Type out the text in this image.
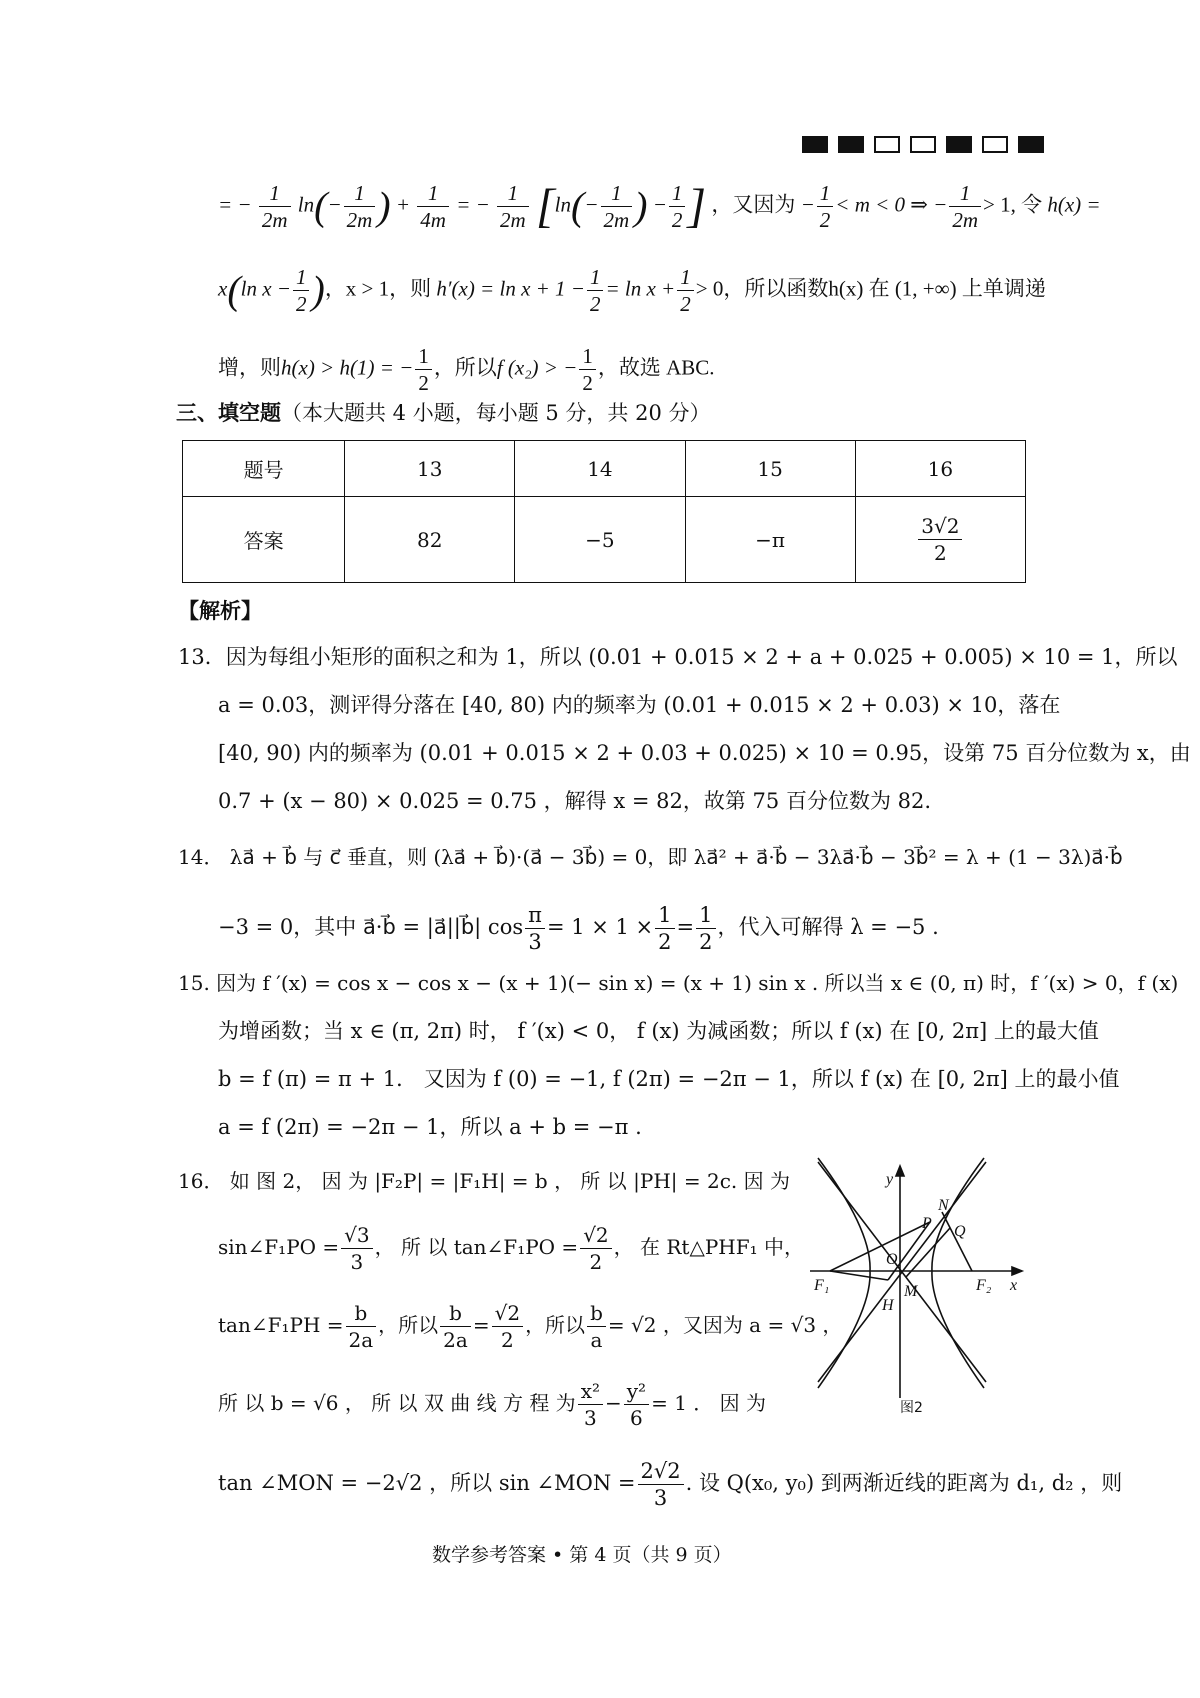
= − $\frac{1}{2m} \ln(- \frac{1}{2m}$ ) + $\frac{1}{4m}$ = − $\frac{1}{2m} [\ln(- \frac{1}{2m}$ ) − $\frac{1}{2}$ ] ，又因为 − $\frac{1}{2} < m < 0$ ⇒ − $\frac{1}{2m} > 1$, 令 h(x) =
x(ln $x - \frac{1}{2}$ )，x > 1，则 $h'(x) = \ln x + 1 - \frac{1}{2} = \ln x + \frac{1}{2} > 0$，所以函数h(x) 在 (1, +∞) 上单调递
增，则h(x) > h(1) = − $\frac{1}{2}$ ，所以f (x₂) > − $\frac{1}{2}$ ，故选 ABC.
三、填空题（本大题共 4 小题，每小题 5 分，共 20 分）
题号	13	14	15	16
答案	82	−5	−π	$\frac{3√2}{2}$
【解析】
13．因为每组小矩形的面积之和为 1，所以 (0.01 + 0.015 × 2 + a + 0.025 + 0.005) × 10 = 1，所以
a = 0.03，测评得分落在 [40, 80) 内的频率为 (0.01 + 0.015 × 2 + 0.03) × 10，落在
[40, 90) 内的频率为 (0.01 + 0.015 × 2 + 0.03 + 0.025) × 10 = 0.95，设第 75 百分位数为 x，由
0.7 + (x − 80) × 0.025 = 0.75 ，解得 x = 82，故第 75 百分位数为 82.
14． λa⃗ + b⃗ 与 c⃗ 垂直，则 (λa⃗ + b⃗)·(a⃗ − 3b⃗) = 0，即 λa⃗² + a⃗·b⃗ − 3λa⃗·b⃗ − 3b⃗² = λ + (1 − 3λ)a⃗·b⃗
−3 = 0，其中 a⃗·b⃗ = |a⃗||b⃗| $\cos \frac{\pi}{3} = 1 \times 1 \times \frac{1}{2} = \frac{1}{2}$ ，代入可解得 λ = −5 .
15. 因为 f ′(x) = cos x − cos x − (x + 1)(− sin x) = (x + 1) sin x . 所以当 x ∈ (0, π) 时，f ′(x) > 0，f (x)
为增函数；当 x ∈ (π, 2π) 时， f ′(x) < 0， f (x) 为减函数；所以 f (x) 在 [0, 2π] 上的最大值
b = f (π) = π + 1． 又因为 f (0) = −1, f (2π) = −2π − 1，所以 f (x) 在 [0, 2π] 上的最小值
a = f (2π) = −2π − 1，所以 a + b = −π .
16． 如 图 2， 因 为 |F₂P| = |F₁H| = b ， 所 以 |PH| = 2c. 因 为
sin∠F₁PO = $\frac{√3}{3}$ ， 所 以 tan∠F₁PO = $\frac{√2}{2}$ ， 在 Rt△PHF₁ 中，
tan∠F₁PH = $\frac{b}{2a}$ ，所以 $\frac{b}{2a} = \frac{√2}{2}$ ，所以 $\frac{b}{a} = √2$ ，又因为 a = √3 ，
所 以 b = √6 ， 所 以 双 曲 线 方 程 为 $\frac{\text{x²}}{3} - \frac{\text{y²}}{6} = 1$ ． 因 为
tan ∠MON = −2√2 ，所以 sin ∠MON = $\frac{2√2}{3}$ . 设 Q(x₀, y₀) 到两渐近线的距离为 d₁, d₂ ，则
y
x
N
P Q
F₁
O
F₂
M
H
图2
数学参考答案 • 第 4 页（共 9 页）
